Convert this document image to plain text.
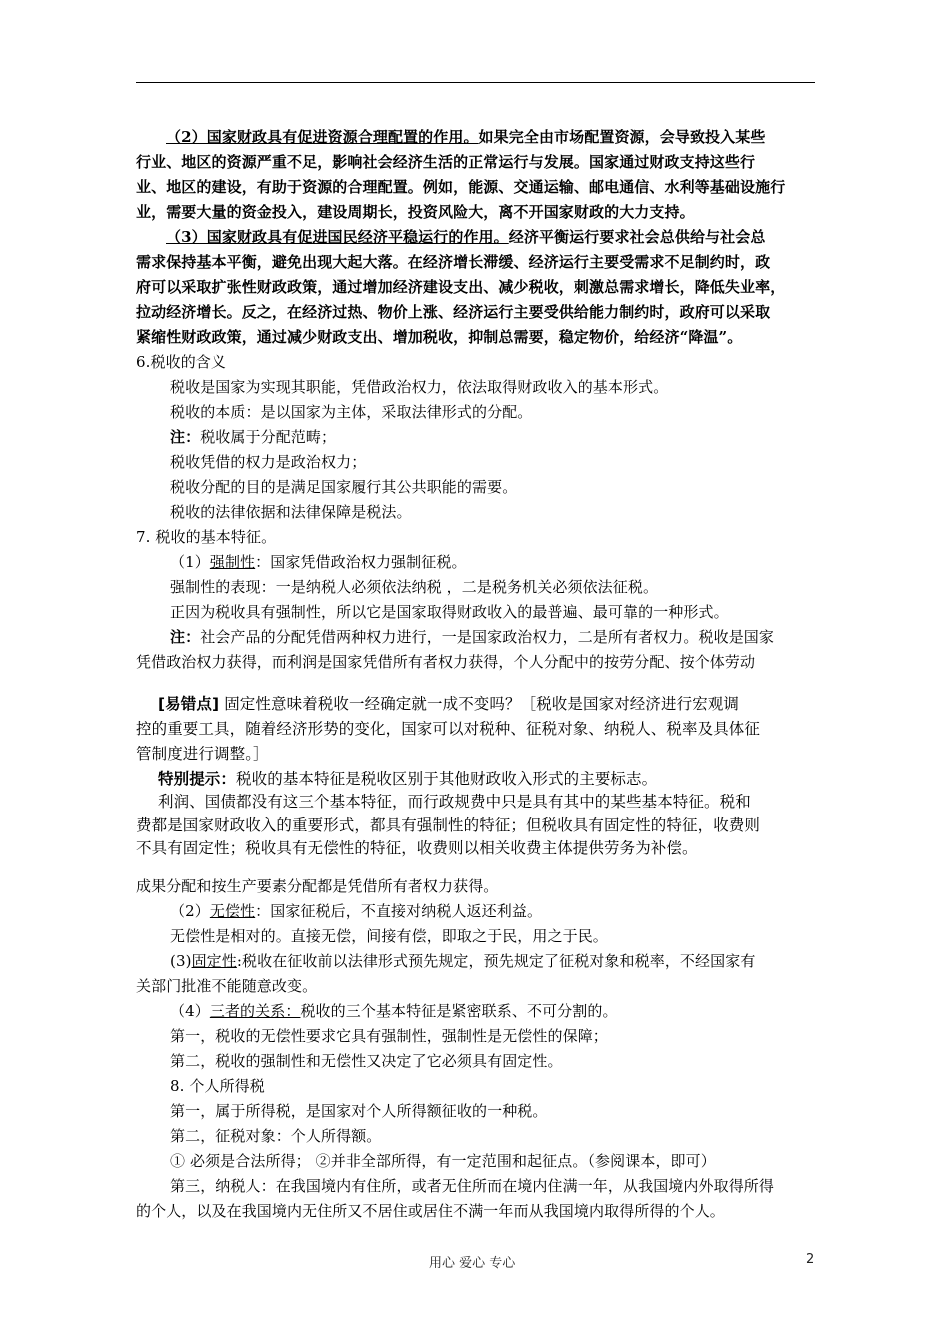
（2）国家财政具有促进资源合理配置的作用。如果完全由市场配置资源，会导致投入某些
行业、地区的资源严重不足，影响社会经济生活的正常运行与发展。国家通过财政支持这些行
业、地区的建设，有助于资源的合理配置。例如，能源、交通运输、邮电通信、水利等基础设施行
业，需要大量的资金投入，建设周期长，投资风险大，离不开国家财政的大力支持。
（3）国家财政具有促进国民经济平稳运行的作用。经济平衡运行要求社会总供给与社会总
需求保持基本平衡，避免出现大起大落。在经济增长滞缓、经济运行主要受需求不足制约时，政
府可以采取扩张性财政政策，通过增加经济建设支出、减少税收，刺激总需求增长，降低失业率，
拉动经济增长。反之，在经济过热、物价上涨、经济运行主要受供给能力制约时，政府可以采取
紧缩性财政政策，通过减少财政支出、增加税收，抑制总需要，稳定物价，给经济“降温”。
6.税收的含义
税收是国家为实现其职能，凭借政治权力，依法取得财政收入的基本形式。
税收的本质：是以国家为主体，采取法律形式的分配。
注：税收属于分配范畴；
税收凭借的权力是政治权力；
税收分配的目的是满足国家履行其公共职能的需要。
税收的法律依据和法律保障是税法。
7. 税收的基本特征。
（1）强制性：国家凭借政治权力强制征税。
强制性的表现：一是纳税人必须依法纳税 ，二是税务机关必须依法征税。
正因为税收具有强制性，所以它是国家取得财政收入的最普遍、最可靠的一种形式。
注：社会产品的分配凭借两种权力进行，一是国家政治权力，二是所有者权力。税收是国家
凭借政治权力获得，而利润是国家凭借所有者权力获得，个人分配中的按劳分配、按个体劳动
[易错点] 固定性意味着税收一经确定就一成不变吗？［税收是国家对经济进行宏观调
控的重要工具，随着经济形势的变化，国家可以对税种、征税对象、纳税人、税率及具体征
管制度进行调整。］
特别提示：税收的基本特征是税收区别于其他财政收入形式的主要标志。
利润、国债都没有这三个基本特征，而行政规费中只是具有其中的某些基本特征。税和
费都是国家财政收入的重要形式，都具有强制性的特征；但税收具有固定性的特征，收费则
不具有固定性；税收具有无偿性的特征，收费则以相关收费主体提供劳务为补偿。
成果分配和按生产要素分配都是凭借所有者权力获得。
（2）无偿性：国家征税后，不直接对纳税人返还利益。
无偿性是相对的。直接无偿，间接有偿，即取之于民，用之于民。
(3)固定性:税收在征收前以法律形式预先规定，预先规定了征税对象和税率，不经国家有
关部门批准不能随意改变。
（4）三者的关系：税收的三个基本特征是紧密联系、不可分割的。
第一，税收的无偿性要求它具有强制性，强制性是无偿性的保障；
第二，税收的强制性和无偿性又决定了它必须具有固定性。
8. 个人所得税
第一，属于所得税，是国家对个人所得额征收的一种税。
第二，征税对象：个人所得额。
① 必须是合法所得； ②并非全部所得，有一定范围和起征点。（参阅课本，即可）
第三，纳税人：在我国境内有住所，或者无住所而在境内住满一年，从我国境内外取得所得
的个人，以及在我国境内无住所又不居住或居住不满一年而从我国境内取得所得的个人。
用心 爱心 专心	2
